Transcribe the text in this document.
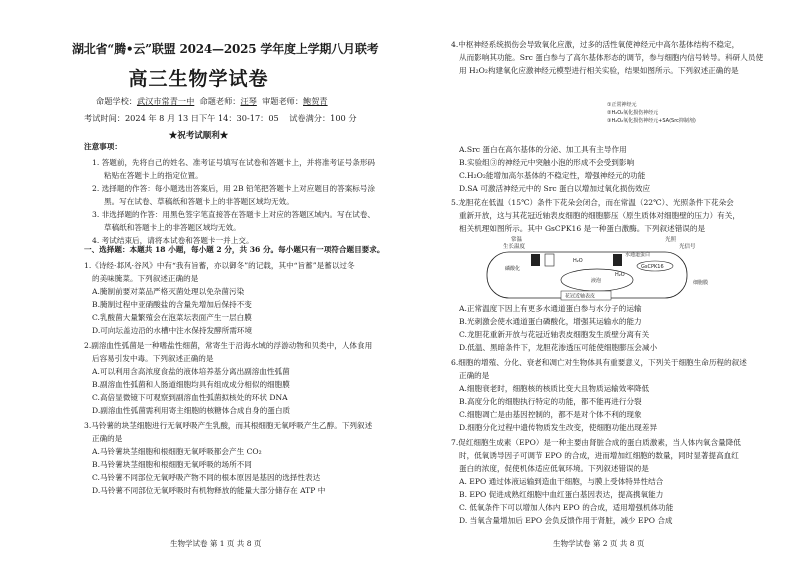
湖北省“腾•云”联盟 2024—2025 学年度上学期八月联考
高三生物学试卷
命题学校：武汉市常青一中 命题老师：汪琴 审题老师：鲍贺青
考试时间：2024 年 8 月 13 日下午 14：30-17：05 试卷满分：100 分
★祝考试顺利★
注意事项：
1. 答题前，先将自己的姓名、准考证号填写在试卷和答题卡上，并将准考证号条形码
粘贴在答题卡上的指定位置。
2. 选择题的作答：每小题选出答案后，用 2B 铅笔把答题卡上对应题目的答案标号涂
黑。写在试卷、草稿纸和答题卡上的非答题区域均无效。
3. 非选择题的作答：用黑色签字笔直接答在答题卡上对应的答题区域内。写在试卷、
草稿纸和答题卡上的非答题区域均无效。
4. 考试结束后，请将本试卷和答题卡一并上交。
一、选择题：本题共 18 小题，每小题 2 分，共 36 分。每小题只有一项符合题目要求。
1.《诗经·邶风·谷风》中有“我有旨蓄，亦以御冬”的记载，其中“旨蓄”是蓄以过冬
的美味腌菜。下列叙述正确的是
A.腌制前要对菜品严格灭菌处理以免杂菌污染
B.腌制过程中亚硝酸盐的含量先增加后保持不变
C.乳酸菌大量繁殖会在泡菜坛表面产生一层白膜
D.可向坛盖边沿的水槽中注水保持发酵所需环境
2.副溶血性弧菌是一种嗜盐性细菌，常寄生于沿海水域的浮游动物和贝类中，人体食用
后容易引发中毒。下列叙述正确的是
A.可以利用含高浓度食盐的液体培养基分离出副溶血性弧菌
B.副溶血性弧菌和人肠道细胞均具有组成成分相似的细胞膜
C.高倍显微镜下可观察到副溶血性弧菌拟核处的环状 DNA
D.副溶血性弧菌需利用寄主细胞的核糖体合成自身的蛋白质
3.马铃薯的块茎细胞进行无氧呼吸产生乳酸，而其根细胞无氧呼吸产生乙醇。下列叙述
正确的是
A.马铃薯块茎细胞和根细胞无氧呼吸都会产生 CO₂
B.马铃薯块茎细胞和根细胞无氧呼吸的场所不同
C.马铃薯不同部位无氧呼吸产物不同的根本原因是基因的选择性表达
D.马铃薯不同部位无氧呼吸时有机物释放的能量大部分储存在 ATP 中
生物学试卷 第 1 页 共 8 页
4.中枢神经系统损伤会导致氧化应激，过多的活性氧使神经元中高尔基体结构不稳定，
从而影响其功能。Src 蛋白参与了高尔基体形态的调节，参与细胞内信号转导。科研人员使
用 H₂O₂构建氧化应激神经元模型进行相关实验，结果如图所示。下列叙述正确的是
①正常神经元
②H₂O₂氧化损伤神经元
③H₂O₂氧化损伤神经元+SA(Src抑制剂)
A.Src 蛋白在高尔基体的分泌、加工具有主导作用
B.实验组③的神经元中突触小泡的形成不会受到影响
C.H₂O₂能增加高尔基体的不稳定性，增强神经元的功能
D.SA 可激活神经元中的 Src 蛋白以增加过氧化损伤效应
5.龙胆花在低温（15℃）条件下花朵会闭合，而在常温（22℃）、光照条件下花朵会
重新开放，这与其花冠近轴表皮细胞的细胞膨压（原生质体对细胞壁的压力）有关，
相关机理如图所示。其中 GsCPK16 是一种蛋白激酶。下列叙述错误的是
常温
生长温度
光照
光信号
液泡
磷酸化
水通道蛋白
H₂O
H₂O
GsCPK16
细胞膜
花冠近轴表皮
A.正常温度下因上有更多水通道蛋白参与水分子的运输
B.光刺激会使水通道蛋白磷酸化，增强其运输水的能力
C.龙胆花重新开放与花冠近轴表皮细胞发生质壁分离有关
D.低温、黑暗条件下，龙胆花渗透压可能使细胞膨压会减小
6.细胞的增殖、分化、衰老和凋亡对生物体具有重要意义，下列关于细胞生命历程的叙述
正确的是
A.细胞衰老时，细胞核的核质比变大且物质运输效率降低
B.高度分化的细胞执行特定的功能，都不能再进行分裂
C.细胞凋亡是由基因控制的，都不是对个体不利的现象
D.细胞分化过程中遗传物质发生改变，使细胞功能出现差异
7.促红细胞生成素（EPO）是一种主要由肾脏合成的蛋白质激素，当人体内氧含量降低
时，低氧诱导因子可调节 EPO 的合成，进而增加红细胞的数量，同时显著提高血红
蛋白的浓度，促使机体适应低氧环境。下列叙述错误的是
A. EPO 通过体液运输到造血干细胞，与膜上受体特异性结合
B. EPO 促进成熟红细胞中血红蛋白基因表达，提高携氧能力
C. 低氧条件下可以增加人体内 EPO 的合成，适用增强机体功能
D. 当氧含量增加后 EPO 会负反馈作用于肾脏，减少 EPO 合成
生物学试卷 第 2 页 共 8 页
